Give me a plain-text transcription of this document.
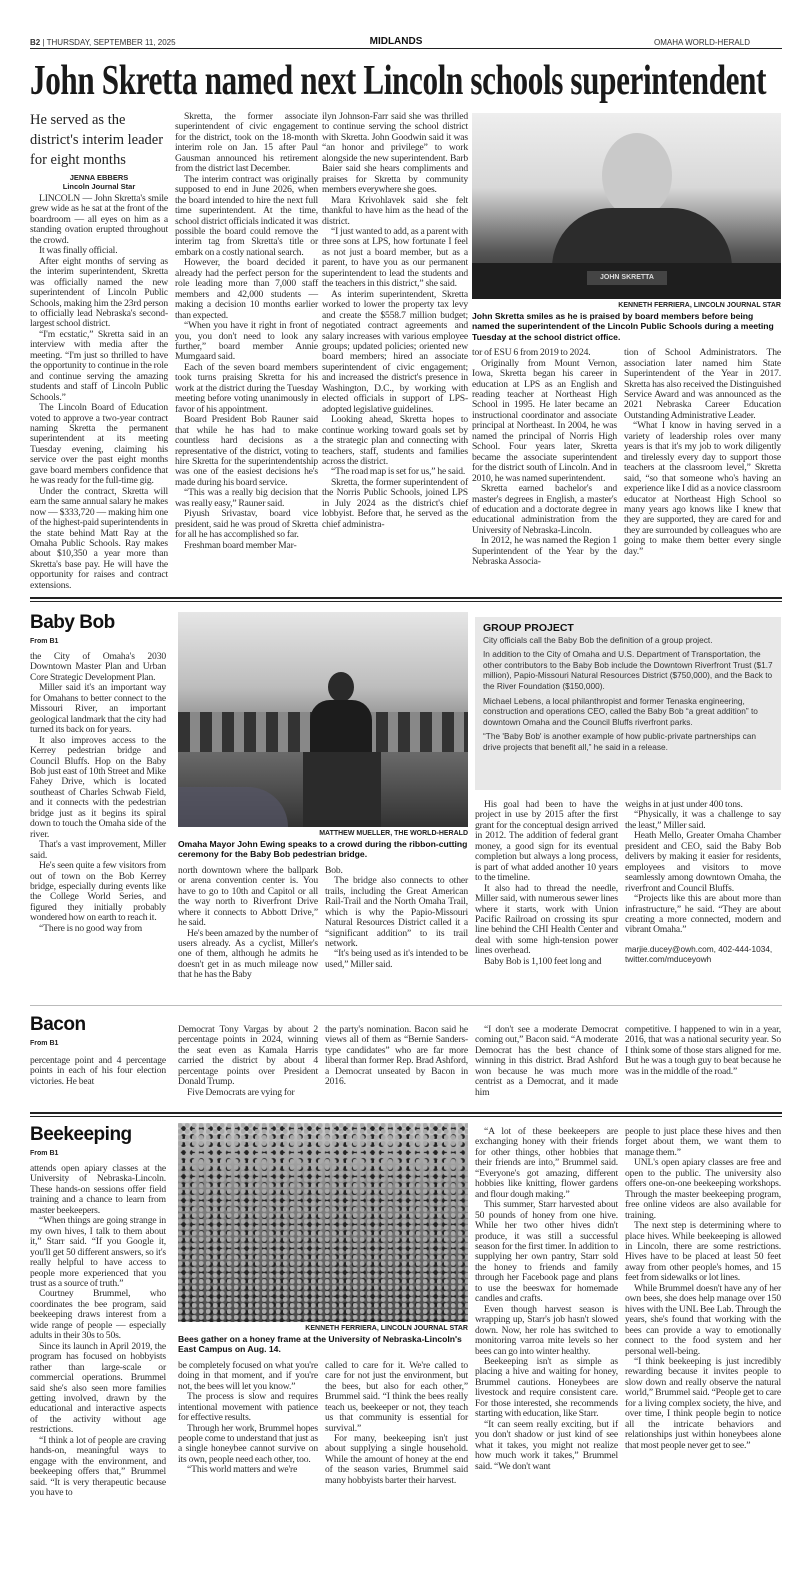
B2 | THURSDAY, SEPTEMBER 11, 2025	MIDLANDS	OMAHA WORLD-HERALD
John Skretta named next Lincoln schools superintendent
He served as the district's interim leader for eight months
JENNA EBBERS
Lincoln Journal Star

LINCOLN — John Skretta's smile grew wide as he sat at the front of the boardroom — all eyes on him as a standing ovation erupted throughout the crowd.

It was finally official.

After eight months of serving as the interim superintendent, Skretta was officially named the new superintendent of Lincoln Public Schools, making him the 23rd person to officially lead Nebraska's second-largest school district.

“I'm ecstatic,” Skretta said in an interview with media after the meeting. “I'm just so thrilled to have the opportunity to continue in the role and continue serving the amazing students and staff of Lincoln Public Schools.”

The Lincoln Board of Education voted to approve a two-year contract naming Skretta the permanent superintendent at its meeting Tuesday evening, claiming his service over the past eight months gave board members confidence that he was ready for the full-time gig.

Under the contract, Skretta will earn the same annual salary he makes now — $333,720 — making him one of the highest-paid superintendents in the state behind Matt Ray at the Omaha Public Schools. Ray makes about $10,350 a year more than Skretta's base pay. He will have the opportunity for raises and contract extensions.

Skretta, the former associate superintendent of civic engagement for the district, took on the 18-month interim role on Jan. 15 after Paul Gausman announced his retirement from the district last December.

The interim contract was originally supposed to end in June 2026, when the board intended to hire the next full time superintendent. At the time, school district officials indicated it was possible the board could remove the interim tag from Skretta's title or embark on a costly national search.

However, the board decided it already had the perfect person for the role leading more than 7,000 staff members and 42,000 students — making a decision 10 months earlier than expected.

“When you have it right in front of you, you don't need to look any further,” board member Annie Mumgaard said.

Each of the seven board members took turns praising Skretta for his work at the district during the Tuesday meeting before voting unanimously in favor of his appointment.

Board President Bob Rauner said that while he has had to make countless hard decisions as a representative of the district, voting to hire Skretta for the superintendentship was one of the easiest decisions he's made during his board service.

“This was a really big decision that was really easy,” Rauner said.

Piyush Srivastav, board vice president, said he was proud of Skretta for all he has accomplished so far.

Freshman board member Mar-

ilyn Johnson-Farr said she was thrilled to continue serving the school district with Skretta. John Goodwin said it was “an honor and privilege” to work alongside the new superintendent. Barb Baier said she hears compliments and praises for Skretta by community members everywhere she goes.

Mara Krivohlavek said she felt thankful to have him as the head of the district.

“I just wanted to add, as a parent with three sons at LPS, how fortunate I feel as not just a board member, but as a parent, to have you as our permanent superintendent to lead the students and the teachers in this district,” she said.

As interim superintendent, Skretta worked to lower the property tax levy and create the $558.7 million budget; negotiated contract agreements and salary increases with various employee groups; updated policies; oriented new board members; hired an associate superintendent of civic engagement; and increased the district's presence in Washington, D.C., by working with elected officials in support of LPS-adopted legislative guidelines.

Looking ahead, Skretta hopes to continue working toward goals set by the strategic plan and connecting with teachers, staff, students and families across the district.

“The road map is set for us,” he said.

Skretta, the former superintendent of the Norris Public Schools, joined LPS in July 2024 as the district's chief lobbyist. Before that, he served as the chief administra-

JOHN SKRETTA
KENNETH FERRIERA, LINCOLN JOURNAL STAR
John Skretta smiles as he is praised by board members before being named the superintendent of the Lincoln Public Schools during a meeting Tuesday at the school district office.

tor of ESU 6 from 2019 to 2024.

Originally from Mount Vernon, Iowa, Skretta began his career in education at LPS as an English and reading teacher at Northeast High School in 1995. He later became an instructional coordinator and associate principal at Northeast. In 2004, he was named the principal of Norris High School. Four years later, Skretta became the associate superintendent for the district south of Lincoln. And in 2010, he was named superintendent.

Skretta earned bachelor's and master's degrees in English, a master's of education and a doctorate degree in educational administration from the University of Nebraska-Lincoln.

In 2012, he was named the Region 1 Superintendent of the Year by the Nebraska Associa-

tion of School Administrators. The association later named him State Superintendent of the Year in 2017. Skretta has also received the Distinguished Service Award and was announced as the 2021 Nebraska Career Education Outstanding Administrative Leader.

“What I know in having served in a variety of leadership roles over many years is that it's my job to work diligently and tirelessly every day to support those teachers at the classroom level,” Skretta said, “so that someone who's having an experience like I did as a novice classroom educator at Northeast High School so many years ago knows like I knew that they are supported, they are cared for and they are surrounded by colleagues who are going to make them better every single day.”

Baby Bob
From B1

the City of Omaha's 2030 Downtown Master Plan and Urban Core Strategic Development Plan.

Miller said it's an important way for Omahans to better connect to the Missouri River, an important geological landmark that the city had turned its back on for years.

It also improves access to the Kerrey pedestrian bridge and Council Bluffs. Hop on the Baby Bob just east of 10th Street and Mike Fahey Drive, which is located southeast of Charles Schwab Field, and it connects with the pedestrian bridge just as it begins its spiral down to touch the Omaha side of the river.

That's a vast improvement, Miller said.

He's seen quite a few visitors from out of town on the Bob Kerrey bridge, especially during events like the College World Series, and figured they initially probably wondered how on earth to reach it.

“There is no good way from

MATTHEW MUELLER, THE WORLD-HERALD
Omaha Mayor John Ewing speaks to a crowd during the ribbon-cutting ceremony for the Baby Bob pedestrian bridge.

north downtown where the ballpark or arena convention center is. You have to go to 10th and Capitol or all the way north to Riverfront Drive where it connects to Abbott Drive,” he said.

He's been amazed by the number of users already. As a cyclist, Miller's one of them, although he admits he doesn't get in as much mileage now that he has the Baby

Bob.

The bridge also connects to other trails, including the Great American Rail-Trail and the North Omaha Trail, which is why the Papio-Missouri Natural Resources District called it a “significant addition” to its trail network.

“It's being used as it's intended to be used,” Miller said.

GROUP PROJECT

City officials call the Baby Bob the definition of a group project.

In addition to the City of Omaha and U.S. Department of Transportation, the other contributors to the Baby Bob include the Downtown Riverfront Trust ($1.7 million), Papio-Missouri Natural Resources District ($750,000), and the Back to the River Foundation ($150,000).

Michael Lebens, a local philanthropist and former Tenaska engineering, construction and operations CEO, called the Baby Bob “a great addition” to downtown Omaha and the Council Bluffs riverfront parks.

“The 'Baby Bob' is another example of how public-private partnerships can drive projects that benefit all,” he said in a release.

His goal had been to have the project in use by 2015 after the first grant for the conceptual design arrived in 2012. The addition of federal grant money, a good sign for its eventual completion but always a long process, is part of what added another 10 years to the timeline.

It also had to thread the needle, Miller said, with numerous sewer lines where it starts, work with Union Pacific Railroad on crossing its spur line behind the CHI Health Center and deal with some high-tension power lines overhead.

Baby Bob is 1,100 feet long and

weighs in at just under 400 tons.

“Physically, it was a challenge to say the least,” Miller said.

Heath Mello, Greater Omaha Chamber president and CEO, said the Baby Bob delivers by making it easier for residents, employees and visitors to move seamlessly among downtown Omaha, the riverfront and Council Bluffs.

“Projects like this are about more than infrastructure,” he said. “They are about creating a more connected, modern and vibrant Omaha.”

marjie.ducey@owh.com, 402-444-1034, twitter.com/mduceyowh
Bacon
From B1

percentage point and 4 percentage points in each of his four election victories. He beat

Democrat Tony Vargas by about 2 percentage points in 2024, winning the seat even as Kamala Harris carried the district by about 4 percentage points over President Donald Trump.

Five Democrats are vying for

the party's nomination. Bacon said he views all of them as “Bernie Sanders-type candidates” who are far more liberal than former Rep. Brad Ashford, a Democrat unseated by Bacon in 2016.

“I don't see a moderate Democrat coming out,” Bacon said. “A moderate Democrat has the best chance of winning in this district. Brad Ashford won because he was much more centrist as a Democrat, and it made him

competitive. I happened to win in a year, 2016, that was a national security year. So I think some of those stars aligned for me. But he was a tough guy to beat because he was in the middle of the road.”

Beekeeping
From B1

attends open apiary classes at the University of Nebraska-Lincoln. These hands-on sessions offer field training and a chance to learn from master beekeepers.

“When things are going strange in my own hives, I talk to them about it,” Starr said. “If you Google it, you'll get 50 different answers, so it's really helpful to have access to people more experienced that you trust as a source of truth.”

Courtney Brummel, who coordinates the bee program, said beekeeping draws interest from a wide range of people — especially adults in their 30s to 50s.

Since its launch in April 2019, the program has focused on hobbyists rather than large-scale or commercial operations. Brummel said she's also seen more families getting involved, drawn by the educational and interactive aspects of the activity without age restrictions.

“I think a lot of people are craving hands-on, meaningful ways to engage with the environment, and beekeeping offers that,” Brummel said. “It is very therapeutic because you have to

KENNETH FERRIERA, LINCOLN JOURNAL STAR
Bees gather on a honey frame at the University of Nebraska-Lincoln's East Campus on Aug. 14.

be completely focused on what you're doing in that moment, and if you're not, the bees will let you know.”

The process is slow and requires intentional movement with patience for effective results.

Through her work, Brummel hopes people come to understand that just as a single honeybee cannot survive on its own, people need each other, too.

“This world matters and we're

called to care for it. We're called to care for not just the environment, but the bees, but also for each other,” Brummel said. “I think the bees really teach us, beekeeper or not, they teach us that community is essential for survival.”

For many, beekeeping isn't just about supplying a single household. While the amount of honey at the end of the season varies, Brummel said many hobbyists barter their harvest.

“A lot of these beekeepers are exchanging honey with their friends for other things, other hobbies that their friends are into,” Brummel said. “Everyone's got amazing, different hobbies like knitting, flower gardens and flour dough making.”

This summer, Starr harvested about 50 pounds of honey from one hive. While her two other hives didn't produce, it was still a successful season for the first timer. In addition to supplying her own pantry, Starr sold the honey to friends and family through her Facebook page and plans to use the beeswax for homemade candles and crafts.

Even though harvest season is wrapping up, Starr's job hasn't slowed down. Now, her role has switched to monitoring varroa mite levels so her bees can go into winter healthy.

Beekeeping isn't as simple as placing a hive and waiting for honey, Brummel cautions. Honeybees are livestock and require consistent care. For those interested, she recommends starting with education, like Starr.

“It can seem really exciting, but if you don't shadow or just kind of see what it takes, you might not realize how much work it takes,” Brummel said. “We don't want

people to just place these hives and then forget about them, we want them to manage them.”

UNL's open apiary classes are free and open to the public. The university also offers one-on-one beekeeping workshops. Through the master beekeeping program, free online videos are also available for training.

The next step is determining where to place hives. While beekeeping is allowed in Lincoln, there are some restrictions. Hives have to be placed at least 50 feet away from other people's homes, and 15 feet from sidewalks or lot lines.

While Brummel doesn't have any of her own bees, she does help manage over 150 hives with the UNL Bee Lab. Through the years, she's found that working with the bees can provide a way to emotionally connect to the food system and her personal well-being.

“I think beekeeping is just incredibly rewarding because it invites people to slow down and really observe the natural world,” Brummel said. “People get to care for a living complex society, the hive, and over time, I think people begin to notice all the intricate behaviors and relationships just within honeybees alone that most people never get to see.”
